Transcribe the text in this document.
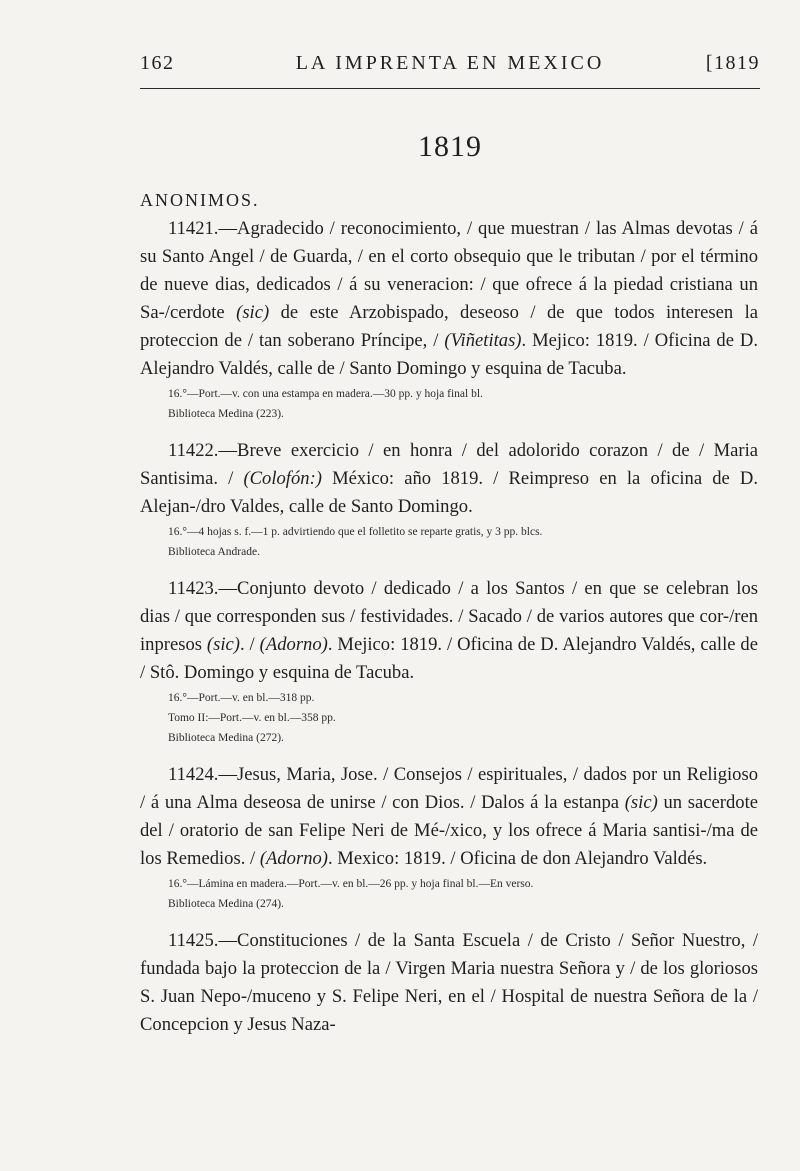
162	LA IMPRENTA EN MEXICO	[1819
1819
ANONIMOS.

11421.—Agradecido / reconocimiento, / que muestran / las Almas devotas / á su Santo Angel / de Guarda, / en el corto obsequio que le tributan / por el término de nueve dias, dedicados / á su veneracion: / que ofrece á la piedad cristiana un Sa-/cerdote (sic) de este Arzobispado, deseoso / de que todos interesen la proteccion de / tan soberano Príncipe, / (Viñetitas). Mejico: 1819. / Oficina de D. Alejandro Valdés, calle de / Santo Domingo y esquina de Tacuba.

16.°—Port.—v. con una estampa en madera.—30 pp. y hoja final bl.
Biblioteca Medina (223).

11422.—Breve exercicio / en honra / del adolorido corazon / de / Maria Santisima. / (Colofón:) México: año 1819. / Reimpreso en la oficina de D. Alejan-/dro Valdes, calle de Santo Domingo.

16.°—4 hojas s. f.—1 p. advirtiendo que el folletito se reparte gratis, y 3 pp. blcs.
Biblioteca Andrade.

11423.—Conjunto devoto / dedicado / a los Santos / en que se celebran los dias / que corresponden sus / festividades. / Sacado / de varios autores que cor-/ren inpresos (sic). / (Adorno). Mejico: 1819. / Oficina de D. Alejandro Valdés, calle de / Stô. Domingo y esquina de Tacuba.

16.°—Port.—v. en bl.—318 pp.
Tomo II:—Port.—v. en bl.—358 pp.
Biblioteca Medina (272).

11424.—Jesus, Maria, Jose. / Consejos / espirituales, / dados por un Religioso / á una Alma deseosa de unirse / con Dios. / Dalos á la estanpa (sic) un sacerdote del / oratorio de san Felipe Neri de Mé-/xico, y los ofrece á Maria santisi-/ma de los Remedios. / (Adorno). Mexico: 1819. / Oficina de don Alejandro Valdés.

16.°—Lámina en madera.—Port.—v. en bl.—26 pp. y hoja final bl.—En verso.
Biblioteca Medina (274).

11425.—Constituciones / de la Santa Escuela / de Cristo / Señor Nuestro, / fundada bajo la proteccion de la / Virgen Maria nuestra Señora y / de los gloriosos S. Juan Nepo-/muceno y S. Felipe Neri, en el / Hospital de nuestra Señora de la / Concepcion y Jesus Naza-
